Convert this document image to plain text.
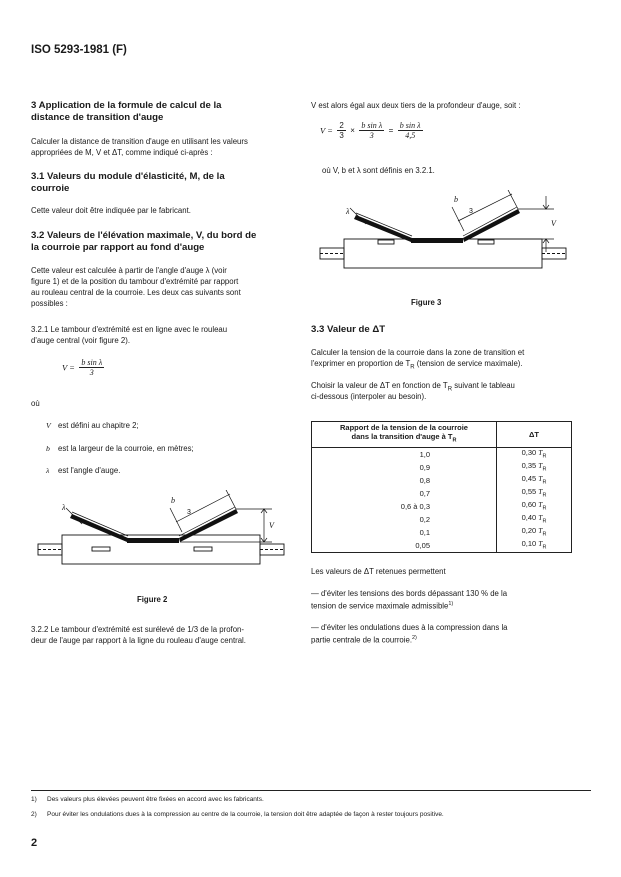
ISO 5293-1981 (F)
3 Application de la formule de calcul de la
distance de transition d'auge
Calculer la distance de transition d'auge en utilisant les valeurs
appropriées de M, V et ΔT, comme indiqué ci-après :
3.1 Valeurs du module d'élasticité, M, de la
courroie
Cette valeur doit être indiquée par le fabricant.
3.2 Valeurs de l'élévation maximale, V, du bord de
la courroie par rapport au fond d'auge
Cette valeur est calculée à partir de l'angle d'auge λ (voir
figure 1) et de la position du tambour d'extrémité par rapport
au rouleau central de la courroie. Les deux cas suivants sont
possibles :
3.2.1 Le tambour d'extrémité est en ligne avec le rouleau
d'auge central (voir figure 2).
$V = \frac{\text{b sin λ}}{3}$
où
V est défini au chapitre 2;
b est la largeur de la courroie, en mètres;
λ est l'angle d'auge.
b
3
λ
V
Figure 2
3.2.2 Le tambour d'extrémité est surélevé de 1/3 de la profon-
deur de l'auge par rapport à la ligne du rouleau d'auge central.
V est alors égal aux deux tiers de la profondeur d'auge, soit :
$V = \frac{2}{3} \times \frac{\text{b sin λ}}{3} = \frac{\text{b sin λ}}{4,5}$
où V, b et λ sont définis en 3.2.1.
b
3
λ
V
Figure 3
3.3 Valeur de ΔT
Calculer la tension de la courroie dans la zone de transition et
l'exprimer en proportion de $T_R$ (tension de service maximale).
Choisir la valeur de ΔT en fonction de $T_R$ suivant le tableau
ci-dessous (interpoler au besoin).
Rapport de la tension de la courroie
dans la transition d'auge à $T_R$	ΔT
1,0	0,30 $T_R$
0,9	0,35 $T_R$
0,8	0,45 $T_R$
0,7	0,55 $T_R$
0,6 à 0,3	0,60 $T_R$
0,2	0,40 $T_R$
0,1	0,20 $T_R$
0,05	0,10 $T_R$
Les valeurs de ΔT retenues permettent
— d'éviter les tensions des bords dépassant 130 % de la
tension de service maximale admissible$^{1)}$
— d'éviter les ondulations dues à la compression dans la
partie centrale de la courroie.$^{2)}$
1) Des valeurs plus élevées peuvent être fixées en accord avec les fabricants.
2) Pour éviter les ondulations dues à la compression au centre de la courroie, la tension doit être adaptée de façon à rester toujours positive.
2
